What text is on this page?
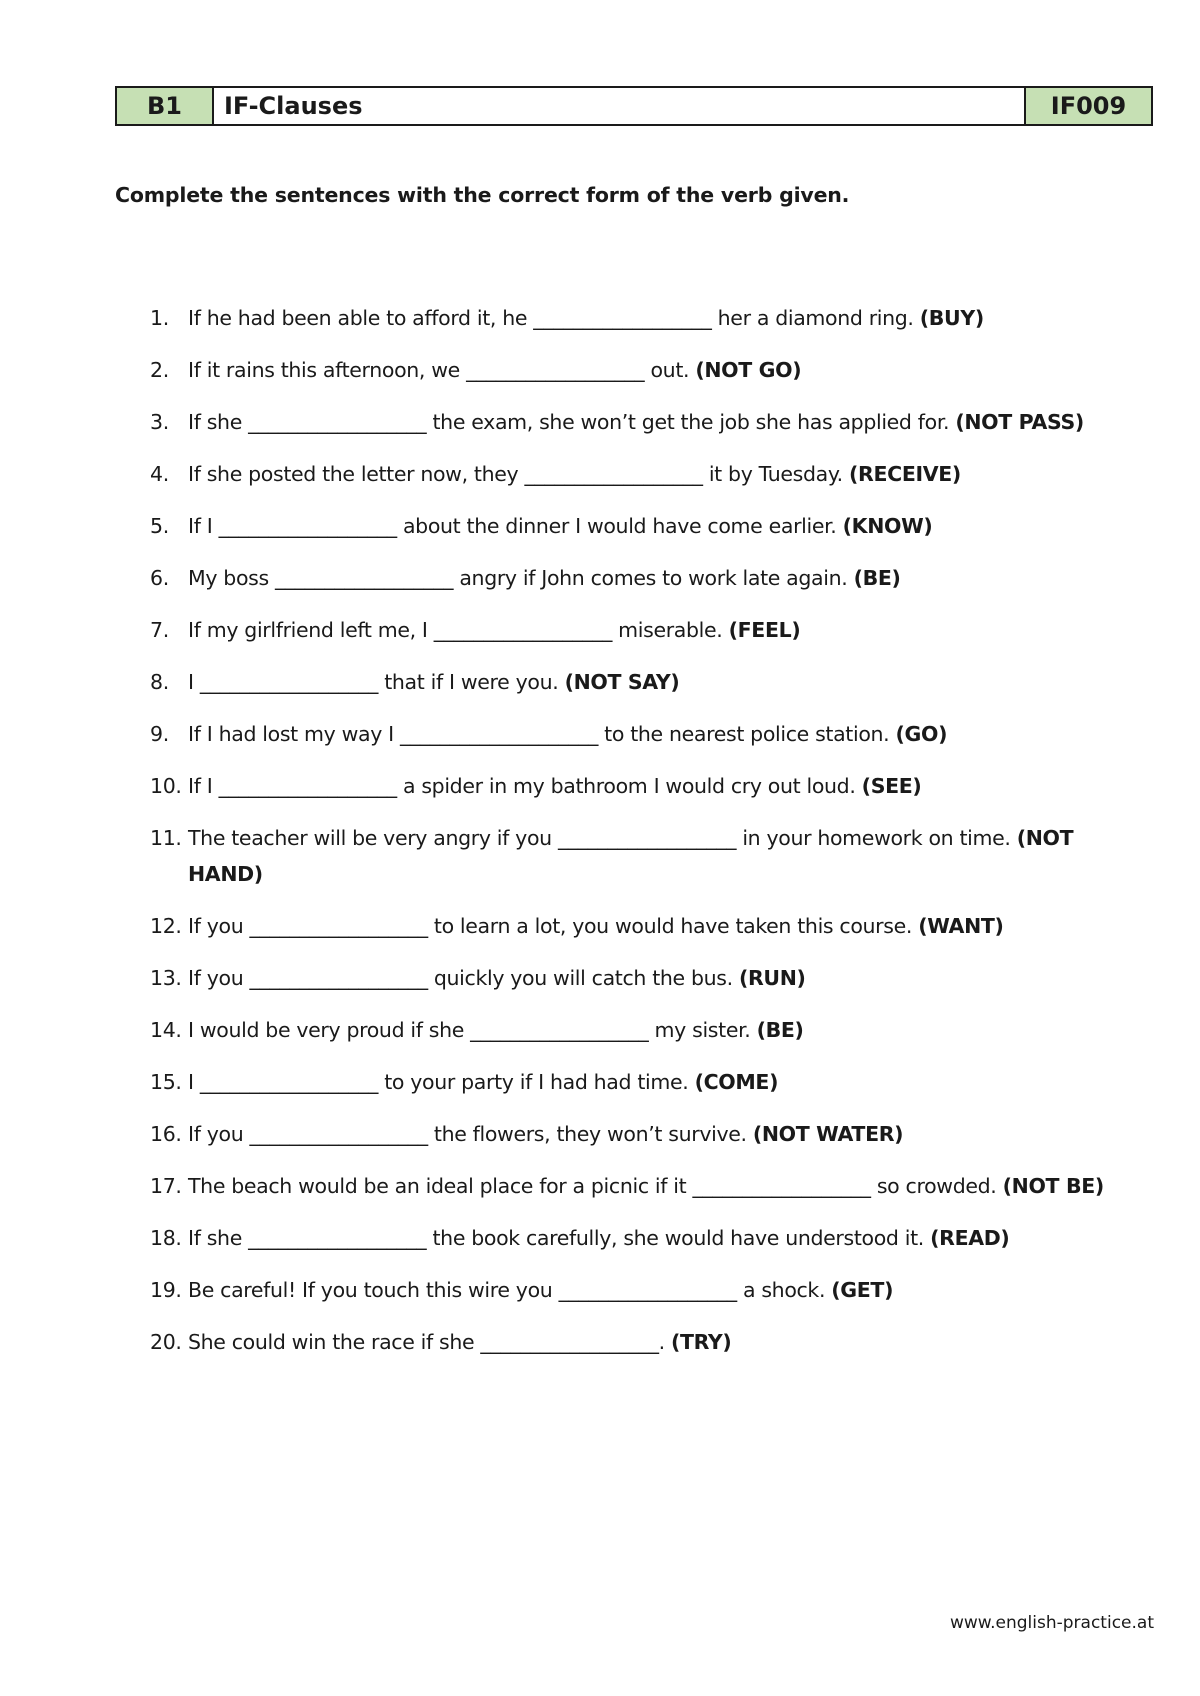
B1	IF-Clauses	IF009
Complete the sentences with the correct form of the verb given.
1. If he had been able to afford it, he __________________ her a diamond ring. (BUY)
2. If it rains this afternoon, we __________________ out. (NOT GO)
3. If she __________________ the exam, she won’t get the job she has applied for. (NOT PASS)
4. If she posted the letter now, they __________________ it by Tuesday. (RECEIVE)
5. If I __________________ about the dinner I would have come earlier. (KNOW)
6. My boss __________________ angry if John comes to work late again. (BE)
7. If my girlfriend left me, I __________________ miserable. (FEEL)
8. I __________________ that if I were you. (NOT SAY)
9. If I had lost my way I ____________________ to the nearest police station. (GO)
10. If I __________________ a spider in my bathroom I would cry out loud. (SEE)
11. The teacher will be very angry if you __________________ in your homework on time. (NOT HAND)
12. If you __________________ to learn a lot, you would have taken this course. (WANT)
13. If you __________________ quickly you will catch the bus. (RUN)
14. I would be very proud if she __________________ my sister. (BE)
15. I __________________ to your party if I had had time. (COME)
16. If you __________________ the flowers, they won’t survive. (NOT WATER)
17. The beach would be an ideal place for a picnic if it __________________ so crowded. (NOT BE)
18. If she __________________ the book carefully, she would have understood it. (READ)
19. Be careful! If you touch this wire you __________________ a shock. (GET)
20. She could win the race if she __________________. (TRY)
www.english-practice.at
